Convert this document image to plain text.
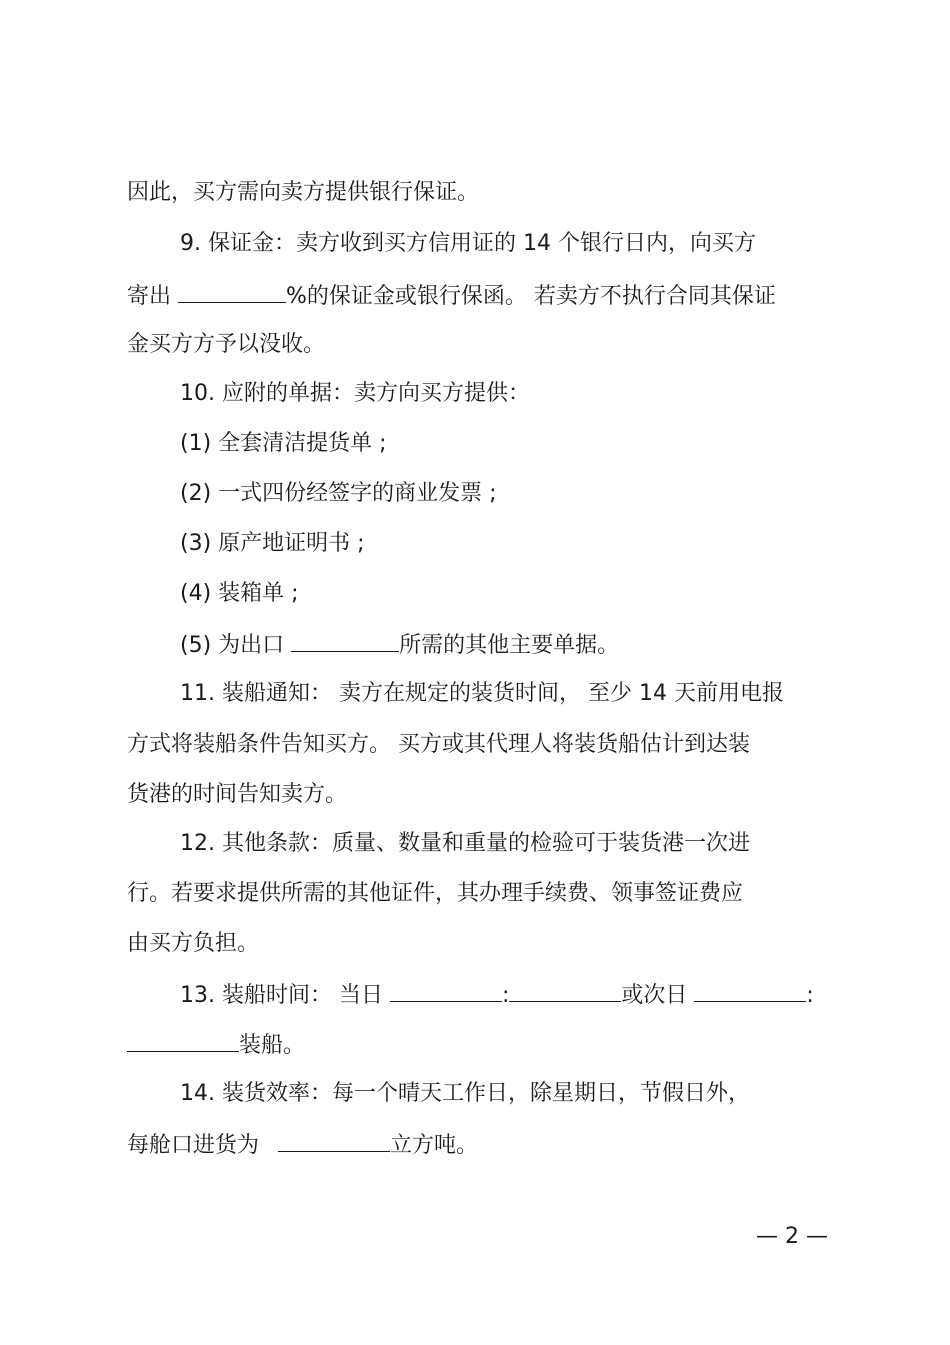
因此，买方需向卖方提供银行保证。
9. 保证金：卖方收到买方信用证的 14 个银行日内，向买方
寄出	%的保证金或银行保函。 若卖方不执行合同其保证
金买方方予以没收。
10. 应附的单据：卖方向买方提供：
(1) 全套清洁提货单 ;
(2) 一式四份经签字的商业发票 ;
(3) 原产地证明书 ;
(4) 装箱单 ;
(5) 为出口	所需的其他主要单据。
11. 装船通知： 卖方在规定的装货时间， 至少 14 天前用电报
方式将装船条件告知买方。 买方或其代理人将装货船估计到达装
货港的时间告知卖方。
12. 其他条款：质量、数量和重量的检验可于装货港一次进
行。若要求提供所需的其他证件，其办理手续费、领事签证费应
由买方负担。
13. 装船时间： 当日	:	或次日	:
装船。
14. 装货效率：每一个晴天工作日，除星期日，节假日外，
每舱口进货为	立方吨。
— 2 —
